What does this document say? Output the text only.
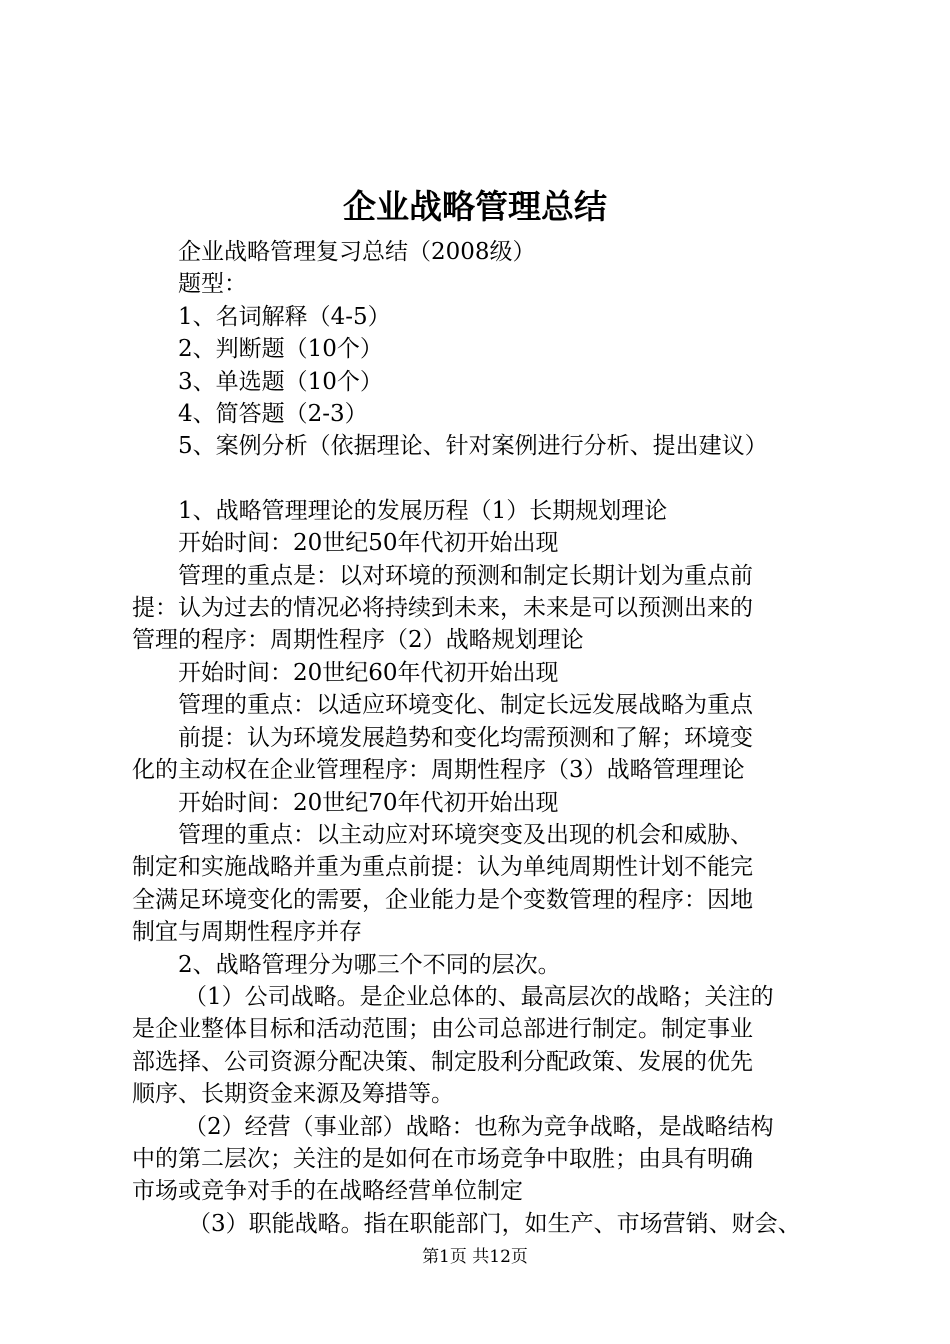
企业战略管理总结

企业战略管理复习总结（2008级）

题型：

1、名词解释（4-5）

2、判断题（10个）

3、单选题（10个）

4、简答题（2-3）

5、案例分析（依据理论、针对案例进行分析、提出建议）

1、战略管理理论的发展历程（1）长期规划理论

开始时间：20世纪50年代初开始出现

管理的重点是：以对环境的预测和制定长期计划为重点前

提：认为过去的情况必将持续到未来，未来是可以预测出来的

管理的程序：周期性程序（2）战略规划理论

开始时间：20世纪60年代初开始出现

管理的重点：以适应环境变化、制定长远发展战略为重点

前提：认为环境发展趋势和变化均需预测和了解；环境变

化的主动权在企业管理程序：周期性程序（3）战略管理理论

开始时间：20世纪70年代初开始出现

管理的重点：以主动应对环境突变及出现的机会和威胁、

制定和实施战略并重为重点前提：认为单纯周期性计划不能完

全满足环境变化的需要，企业能力是个变数管理的程序：因地

制宜与周期性程序并存

2、战略管理分为哪三个不同的层次。

（1）公司战略。是企业总体的、最高层次的战略；关注的

是企业整体目标和活动范围；由公司总部进行制定。制定事业

部选择、公司资源分配决策、制定股利分配政策、发展的优先

顺序、长期资金来源及筹措等。

（2）经营（事业部）战略：也称为竞争战略，是战略结构

中的第二层次；关注的是如何在市场竞争中取胜；由具有明确

市场或竞争对手的在战略经营单位制定

（3）职能战略。指在职能部门，如生产、市场营销、财会、

第1页 共12页
